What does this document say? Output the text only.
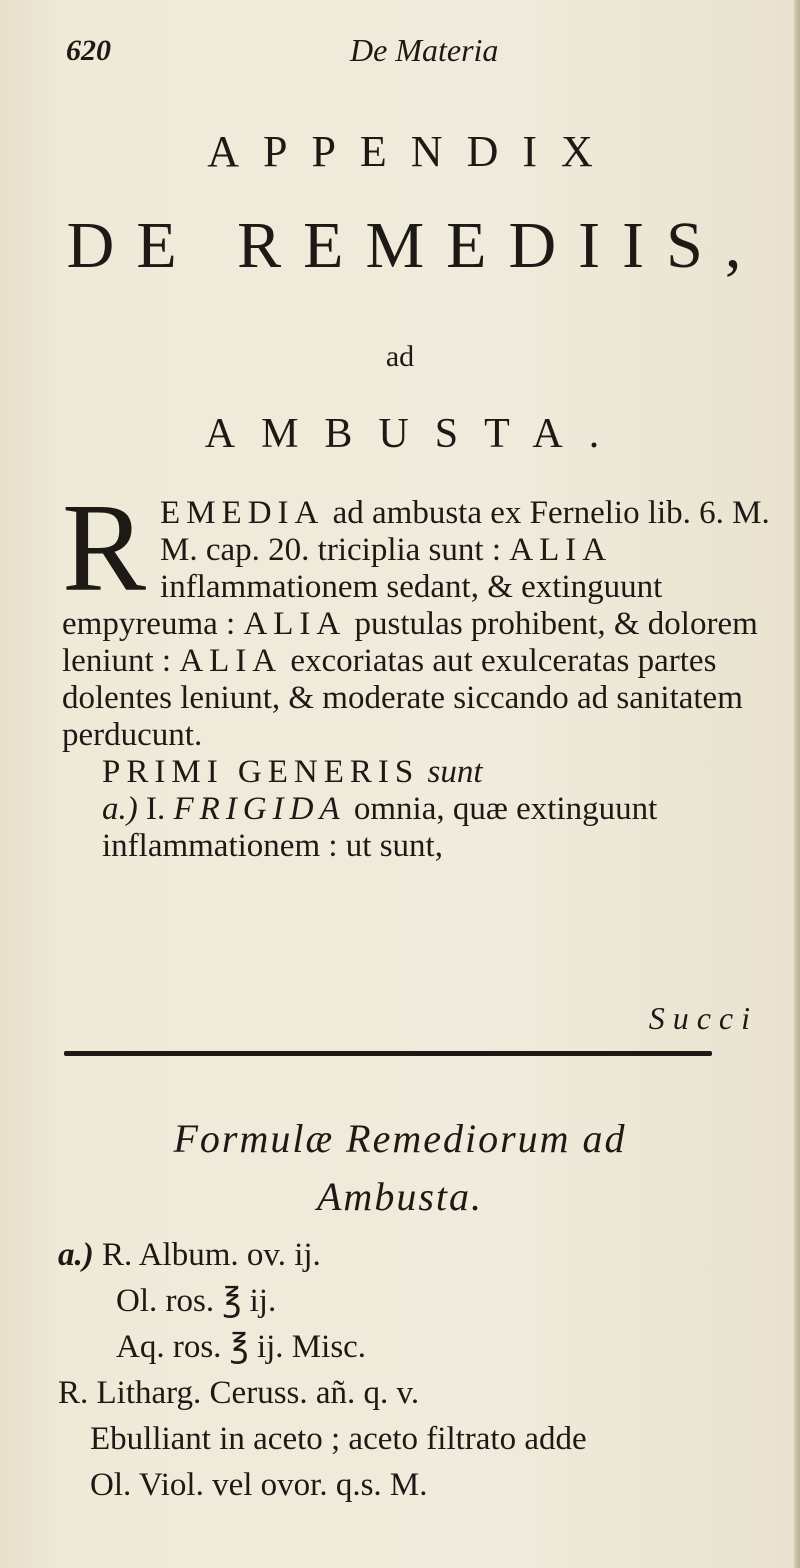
620	De Materia
APPENDIX
DE REMEDIIS,
ad
AMBUSTA.
R EMEDIA ad ambusta ex Fernelio lib. 6. M. M. cap. 20. triciplia sunt : ALIA inflammationem sedant, & extinguunt empyreuma : ALIA pustulas prohibent, & dolorem leniunt : ALIA excoriatas aut exulceratas partes dolentes leniunt, & moderate siccando ad sanitatem perducunt.
PRIMI GENERIS sunt
a.) I. FRIGIDA omnia, quæ extinguunt inflammationem : ut sunt,
Succi
Formulæ Remediorum ad
Ambusta.
a.) R. Album. ov. ij.
Ol. ros. ℥ ij.
Aq. ros. ℥ ij. Misc.
R. Litharg. Ceruss. añ. q. v.
Ebulliant in aceto ; aceto filtrato adde
Ol. Viol. vel ovor. q.s. M.
